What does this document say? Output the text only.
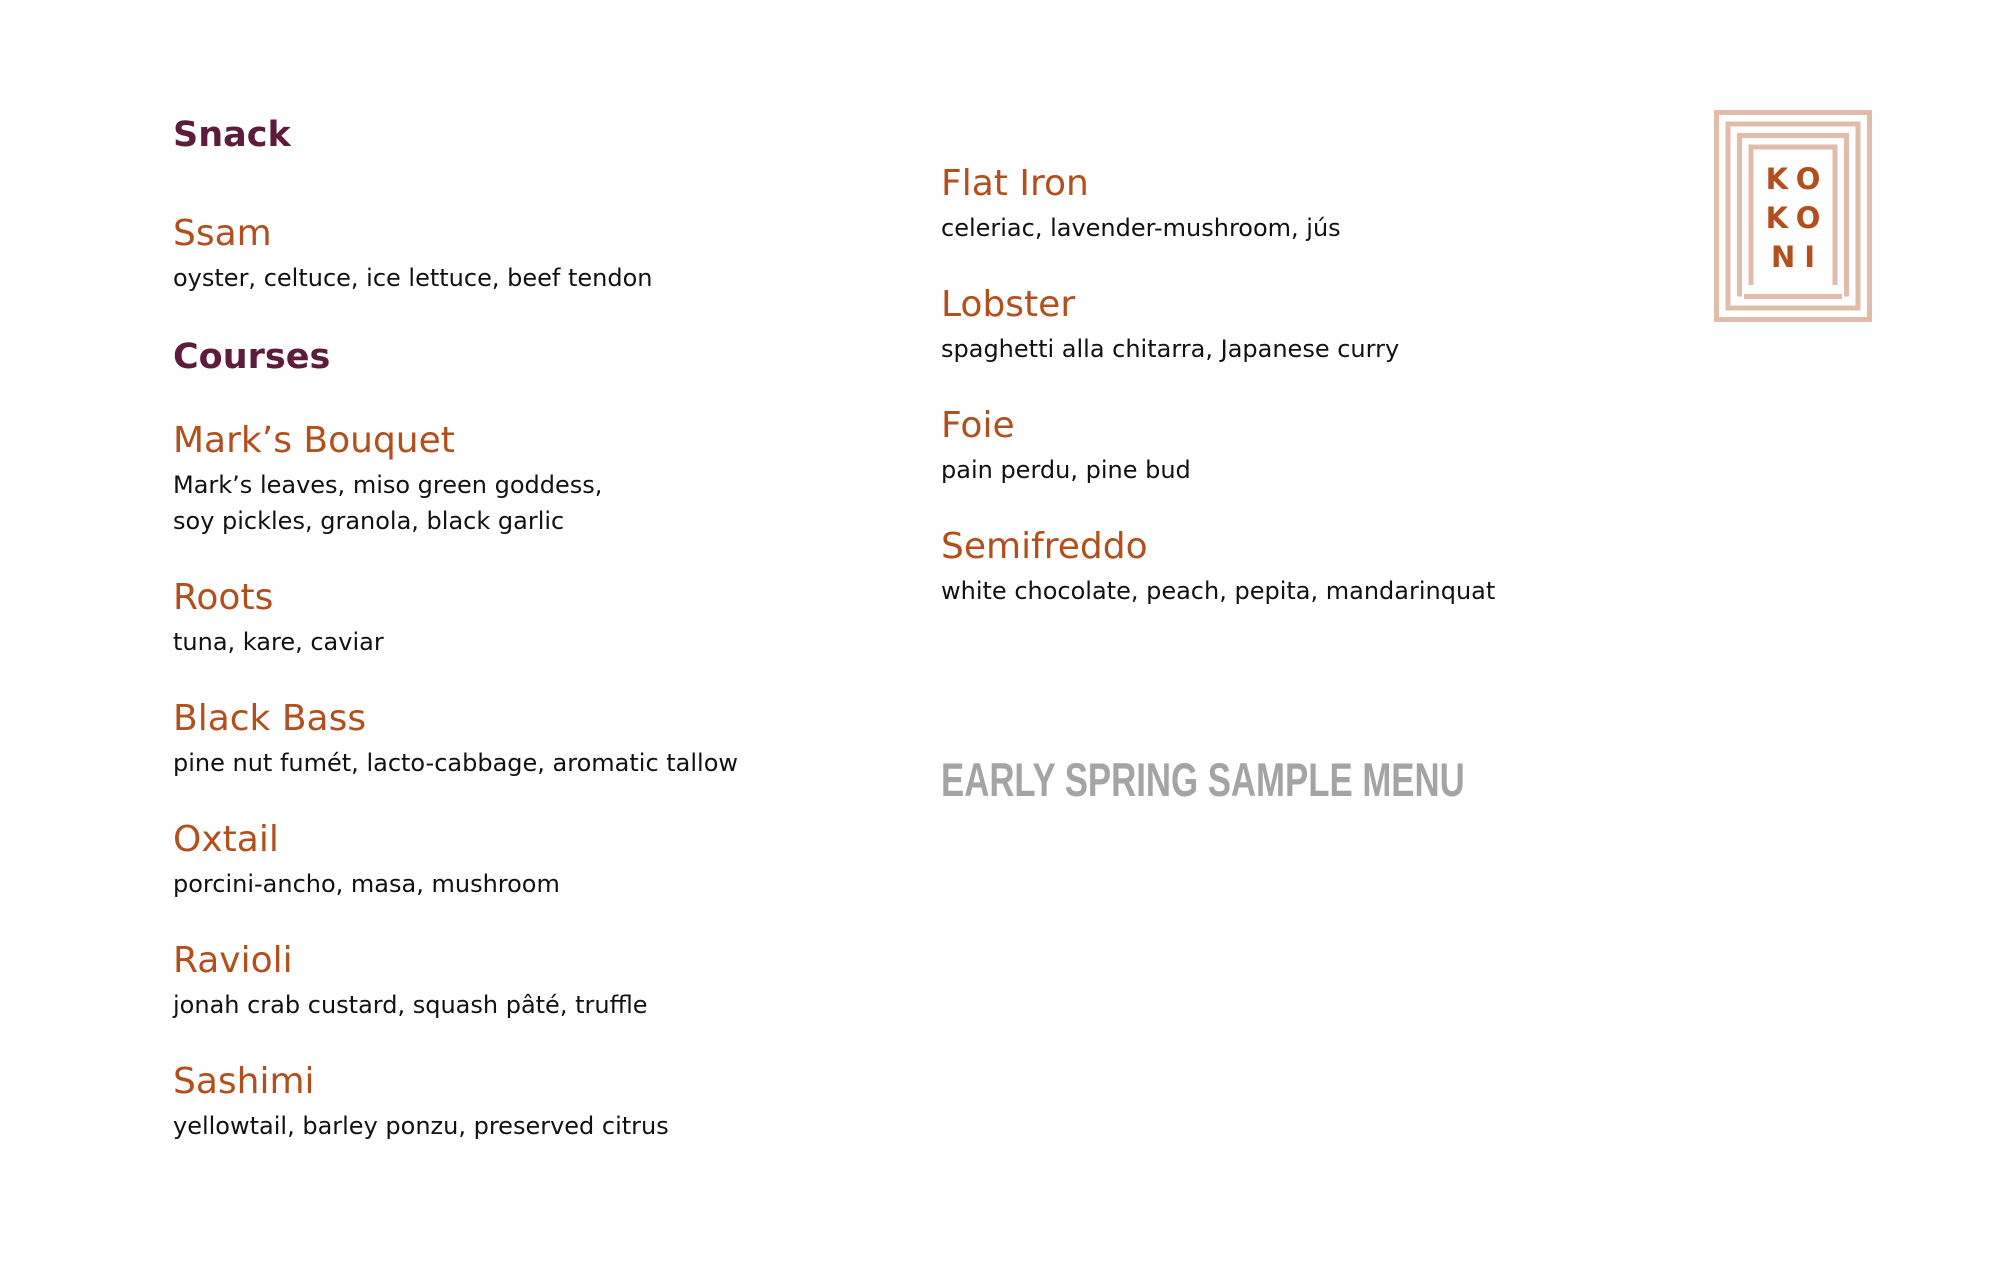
Snack
Ssam
oyster, celtuce, ice lettuce, beef tendon
Courses
Mark’s Bouquet
Mark’s leaves, miso green goddess,
soy pickles, granola, black garlic
Roots
tuna, kare, caviar
Black Bass
pine nut fumét, lacto-cabbage, aromatic tallow
Oxtail
porcini-ancho, masa, mushroom
Ravioli
jonah crab custard, squash pâté, truffle
Sashimi
yellowtail, barley ponzu, preserved citrus
Flat Iron
celeriac, lavender-mushroom, jús
Lobster
spaghetti alla chitarra, Japanese curry
Foie
pain perdu, pine bud
Semifreddo
white chocolate, peach, pepita, mandarinquat
EARLY SPRING SAMPLE MENU
KO
KO
NI
